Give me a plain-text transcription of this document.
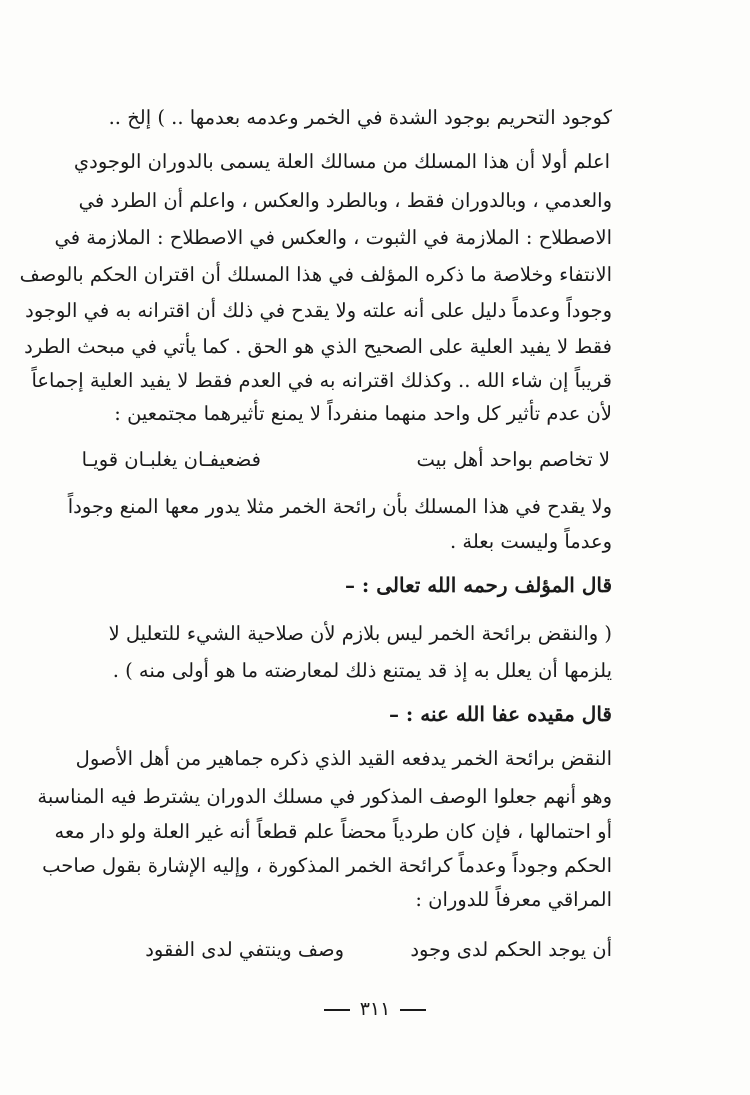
كوجود التحريم بوجود الشدة في الخمر وعدمه بعدمها .. ) إلخ ..
اعلم أولا أن هذا المسلك من مسالك العلة يسمى بالدوران الوجودي
والعدمي ، وبالدوران فقط ، وبالطرد والعكس ، واعلم أن الطرد في
الاصطلاح : الملازمة في الثبوت ، والعكس في الاصطلاح : الملازمة في
الانتفاء وخلاصة ما ذكره المؤلف في هذا المسلك أن اقتران الحكم بالوصف
وجوداً وعدماً دليل على أنه علته ولا يقدح في ذلك أن اقترانه به في الوجود
فقط لا يفيد العلية على الصحيح الذي هو الحق . كما يأتي في مبحث الطرد
قريباً إن شاء الله .. وكذلك اقترانه به في العدم فقط لا يفيد العلية إجماعاً
لأن عدم تأثير كل واحد منهما منفرداً لا يمنع تأثيرهما مجتمعين :
لا تخاصم بواحد أهل بيت
فضعيفـان يغلبـان قويـا
ولا يقدح في هذا المسلك بأن رائحة الخمر مثلا يدور معها المنع وجوداً
وعدماً وليست بعلة .
قال المؤلف رحمه الله تعالى : –
( والنقض برائحة الخمر ليس بلازم لأن صلاحية الشيء للتعليل لا
يلزمها أن يعلل به إذ قد يمتنع ذلك لمعارضته ما هو أولى منه ) .
قال مقيده عفا الله عنه : –
النقض برائحة الخمر يدفعه القيد الذي ذكره جماهير من أهل الأصول
وهو أنهم جعلوا الوصف المذكور في مسلك الدوران يشترط فيه المناسبة
أو احتمالها ، فإن كان طردياً محضاً علم قطعاً أنه غير العلة ولو دار معه
الحكم وجوداً وعدماً كرائحة الخمر المذكورة ، وإليه الإشارة بقول صاحب
المراقي معرفاً للدوران :
أن يوجد الحكم لدى وجود
وصف وينتفي لدى الفقود
٣١١
